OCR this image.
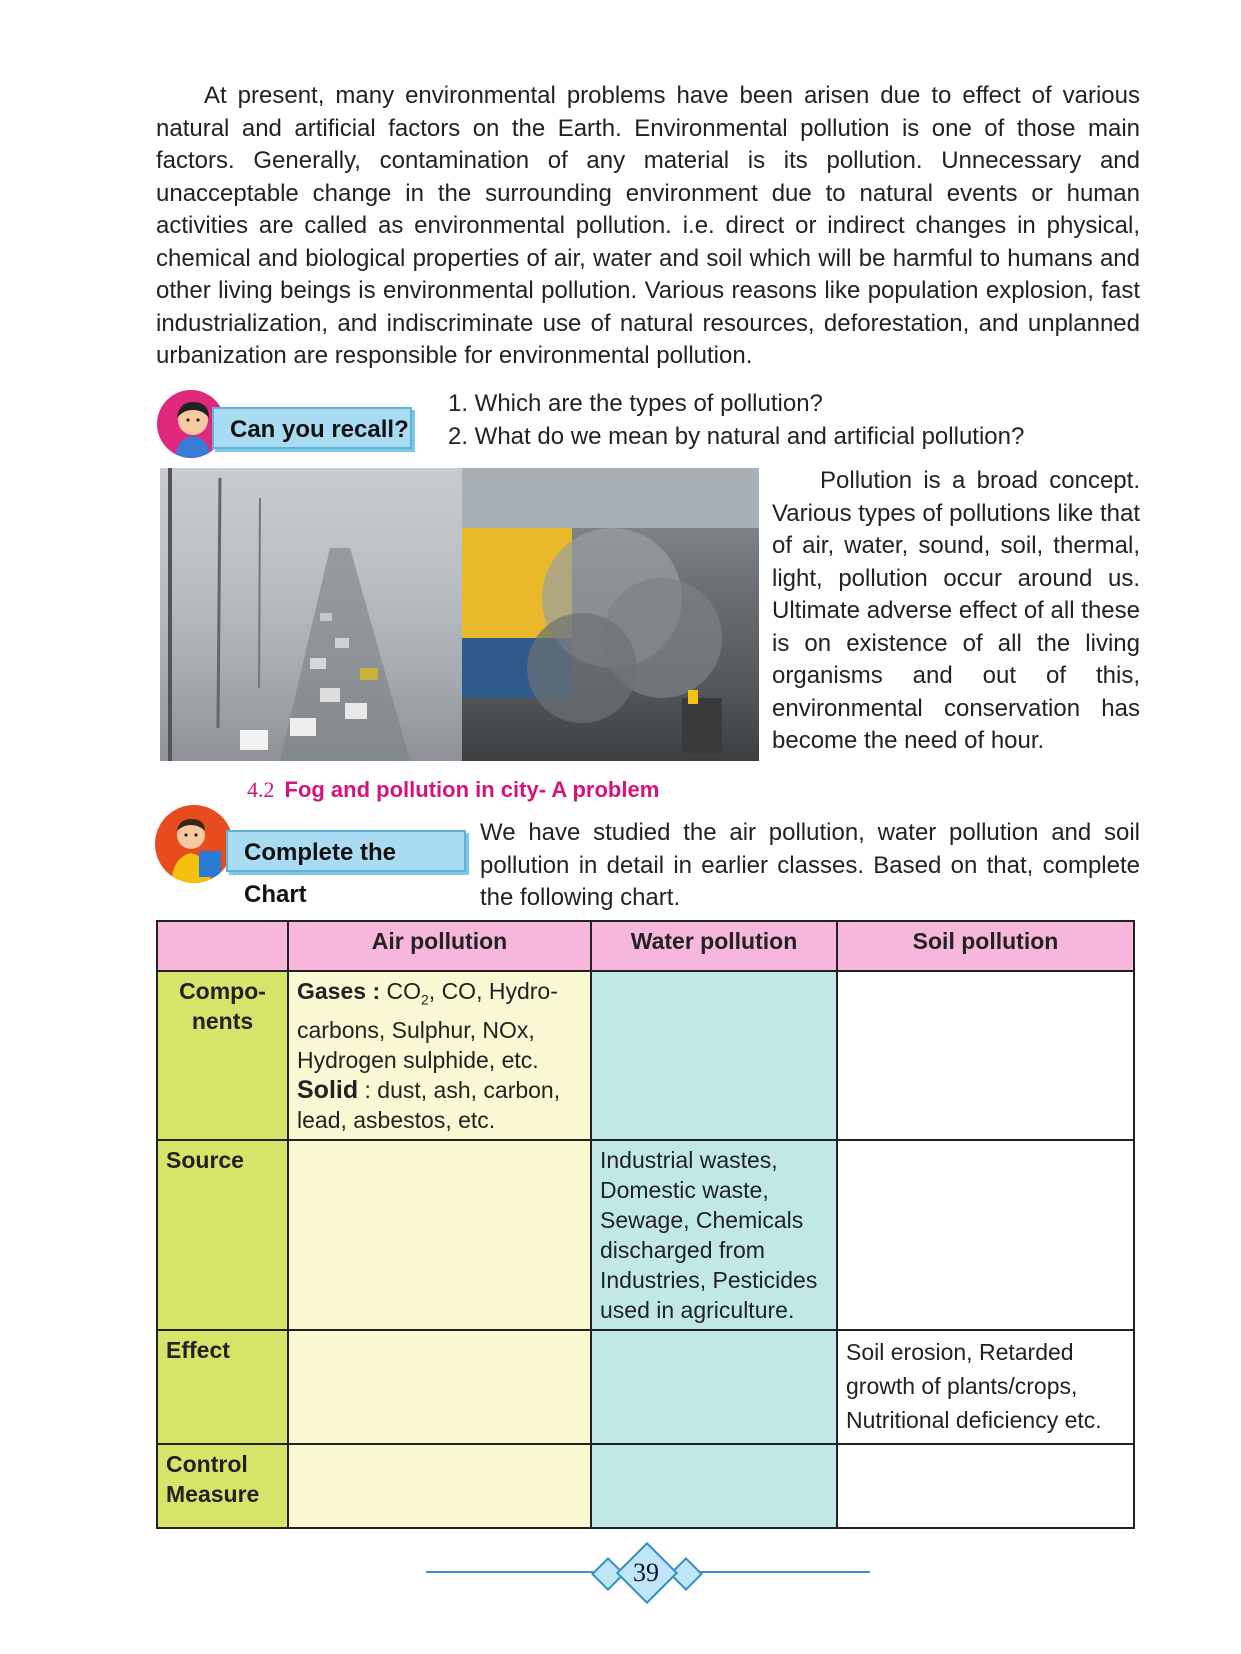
At present, many environmental problems have been arisen due to effect of various natural and artificial factors on the Earth. Environmental pollution is one of those main factors. Generally, contamination of any material is its pollution. Unnecessary and unacceptable change in the surrounding environment due to natural events or human activities are called as environmental pollution. i.e. direct or indirect changes in physical, chemical and biological properties of air, water and soil which will be harmful to humans and other living beings is environmental pollution. Various reasons like population explosion, fast industrialization, and indiscriminate use of natural resources, deforestation, and unplanned urbanization are responsible for environmental pollution.

Can you recall?
1. Which are the types of pollution?
2. What do we mean by natural and artificial pollution?

Pollution is a broad concept. Various types of pollutions like that of air, water, sound, soil, thermal, light, pollution occur around us. Ultimate adverse effect of all these is on existence of all the living organisms and out of this, environmental conservation has become the need of hour.

4.2 Fog and pollution in city- A problem
Complete the Chart

We have studied the air pollution, water pollution and soil pollution in detail in earlier classes. Based on that, complete the following chart.

	Air pollution	Water pollution	Soil pollution
Compo- nents	Gases : $CO_2$, CO, Hydro-carbons, Sulphur, NOx, Hydrogen sulphide, etc.
Solid : dust, ash, carbon, lead, asbestos, etc.		
Source		Industrial wastes, Domestic waste, Sewage, Chemicals discharged from Industries, Pesticides used in agriculture.	
Effect			Soil erosion, Retarded growth of plants/crops, Nutritional deficiency etc.
Control Measure			
39
